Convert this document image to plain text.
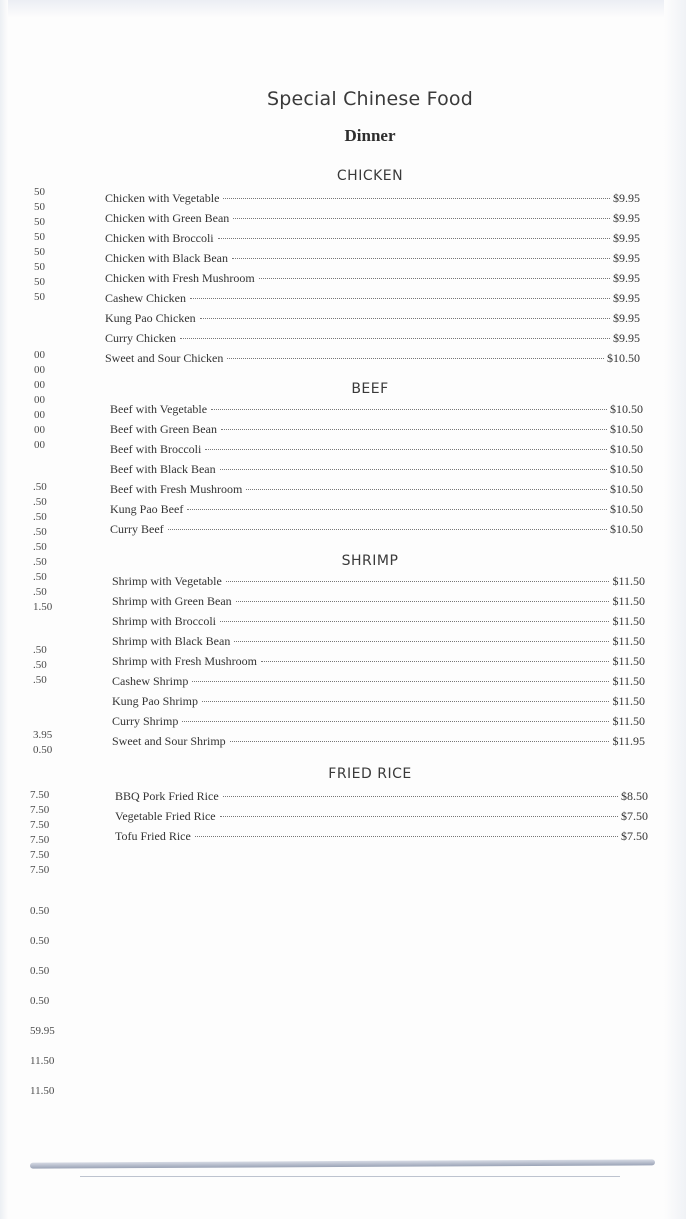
50
50
50
50
50
50
50
50
00
00
00
00
00
00
00
.50
.50
.50
.50
.50
.50
.50
.50
1.50
.50
.50
.50
3.95
0.50
7.50
7.50
7.50
7.50
7.50
7.50
0.50
0.50
0.50
0.50
59.95
11.50
11.50
Special Chinese Food
Dinner
CHICKEN
Chicken with Vegetable	$9.95
Chicken with Green Bean	$9.95
Chicken with Broccoli	$9.95
Chicken with Black Bean	$9.95
Chicken with Fresh Mushroom	$9.95
Cashew Chicken	$9.95
Kung Pao Chicken	$9.95
Curry Chicken	$9.95
Sweet and Sour Chicken	$10.50
BEEF
Beef with Vegetable	$10.50
Beef with Green Bean	$10.50
Beef with Broccoli	$10.50
Beef with Black Bean	$10.50
Beef with Fresh Mushroom	$10.50
Kung Pao Beef	$10.50
Curry Beef	$10.50
SHRIMP
Shrimp with Vegetable	$11.50
Shrimp with Green Bean	$11.50
Shrimp with Broccoli	$11.50
Shrimp with Black Bean	$11.50
Shrimp with Fresh Mushroom	$11.50
Cashew Shrimp	$11.50
Kung Pao Shrimp	$11.50
Curry Shrimp	$11.50
Sweet and Sour Shrimp	$11.95
FRIED RICE
BBQ Pork Fried Rice	$8.50
Vegetable Fried Rice	$7.50
Tofu Fried Rice	$7.50
